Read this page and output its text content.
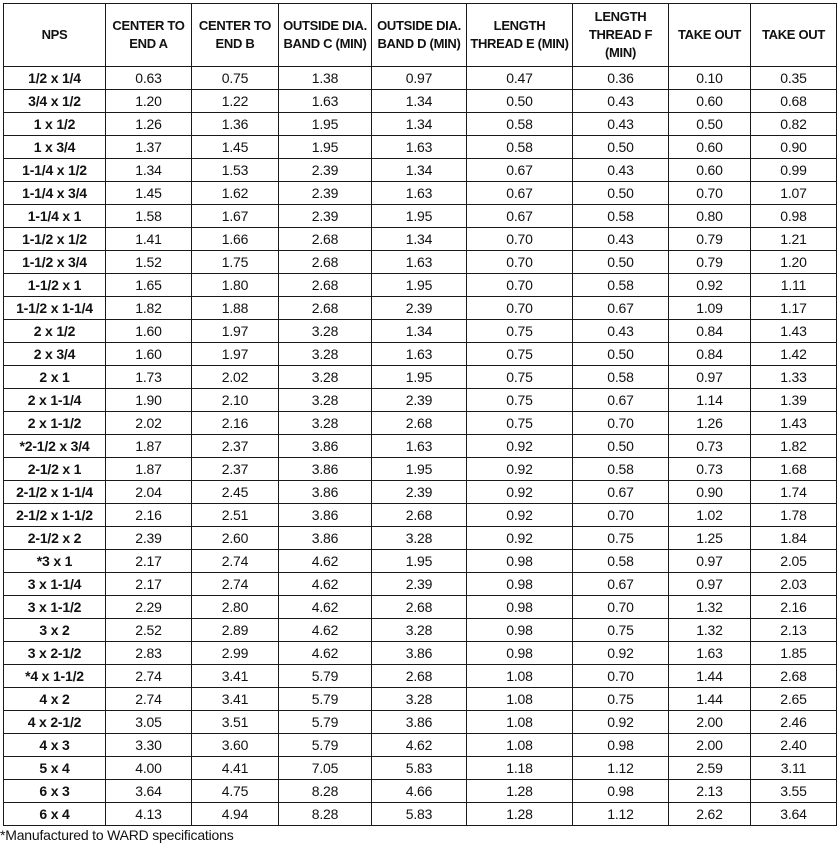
NPS	CENTER TO END A	CENTER TO END B	OUTSIDE DIA. BAND C (MIN)	OUTSIDE DIA. BAND D (MIN)	LENGTH THREAD E (MIN)	LENGTH THREAD F (MIN)	TAKE OUT	TAKE OUT
1/2 x 1/4	0.63	0.75	1.38	0.97	0.47	0.36	0.10	0.35
3/4 x 1/2	1.20	1.22	1.63	1.34	0.50	0.43	0.60	0.68
1 x 1/2	1.26	1.36	1.95	1.34	0.58	0.43	0.50	0.82
1 x 3/4	1.37	1.45	1.95	1.63	0.58	0.50	0.60	0.90
1-1/4 x 1/2	1.34	1.53	2.39	1.34	0.67	0.43	0.60	0.99
1-1/4 x 3/4	1.45	1.62	2.39	1.63	0.67	0.50	0.70	1.07
1-1/4 x 1	1.58	1.67	2.39	1.95	0.67	0.58	0.80	0.98
1-1/2 x 1/2	1.41	1.66	2.68	1.34	0.70	0.43	0.79	1.21
1-1/2 x 3/4	1.52	1.75	2.68	1.63	0.70	0.50	0.79	1.20
1-1/2 x 1	1.65	1.80	2.68	1.95	0.70	0.58	0.92	1.11
1-1/2 x 1-1/4	1.82	1.88	2.68	2.39	0.70	0.67	1.09	1.17
2 x 1/2	1.60	1.97	3.28	1.34	0.75	0.43	0.84	1.43
2 x 3/4	1.60	1.97	3.28	1.63	0.75	0.50	0.84	1.42
2 x 1	1.73	2.02	3.28	1.95	0.75	0.58	0.97	1.33
2 x 1-1/4	1.90	2.10	3.28	2.39	0.75	0.67	1.14	1.39
2 x 1-1/2	2.02	2.16	3.28	2.68	0.75	0.70	1.26	1.43
*2-1/2 x 3/4	1.87	2.37	3.86	1.63	0.92	0.50	0.73	1.82
2-1/2 x 1	1.87	2.37	3.86	1.95	0.92	0.58	0.73	1.68
2-1/2 x 1-1/4	2.04	2.45	3.86	2.39	0.92	0.67	0.90	1.74
2-1/2 x 1-1/2	2.16	2.51	3.86	2.68	0.92	0.70	1.02	1.78
2-1/2 x 2	2.39	2.60	3.86	3.28	0.92	0.75	1.25	1.84
*3 x 1	2.17	2.74	4.62	1.95	0.98	0.58	0.97	2.05
3 x 1-1/4	2.17	2.74	4.62	2.39	0.98	0.67	0.97	2.03
3 x 1-1/2	2.29	2.80	4.62	2.68	0.98	0.70	1.32	2.16
3 x 2	2.52	2.89	4.62	3.28	0.98	0.75	1.32	2.13
3 x 2-1/2	2.83	2.99	4.62	3.86	0.98	0.92	1.63	1.85
*4 x 1-1/2	2.74	3.41	5.79	2.68	1.08	0.70	1.44	2.68
4 x 2	2.74	3.41	5.79	3.28	1.08	0.75	1.44	2.65
4 x 2-1/2	3.05	3.51	5.79	3.86	1.08	0.92	2.00	2.46
4 x 3	3.30	3.60	5.79	4.62	1.08	0.98	2.00	2.40
5 x 4	4.00	4.41	7.05	5.83	1.18	1.12	2.59	3.11
6 x 3	3.64	4.75	8.28	4.66	1.28	0.98	2.13	3.55
6 x 4	4.13	4.94	8.28	5.83	1.28	1.12	2.62	3.64
*Manufactured to WARD specifications
